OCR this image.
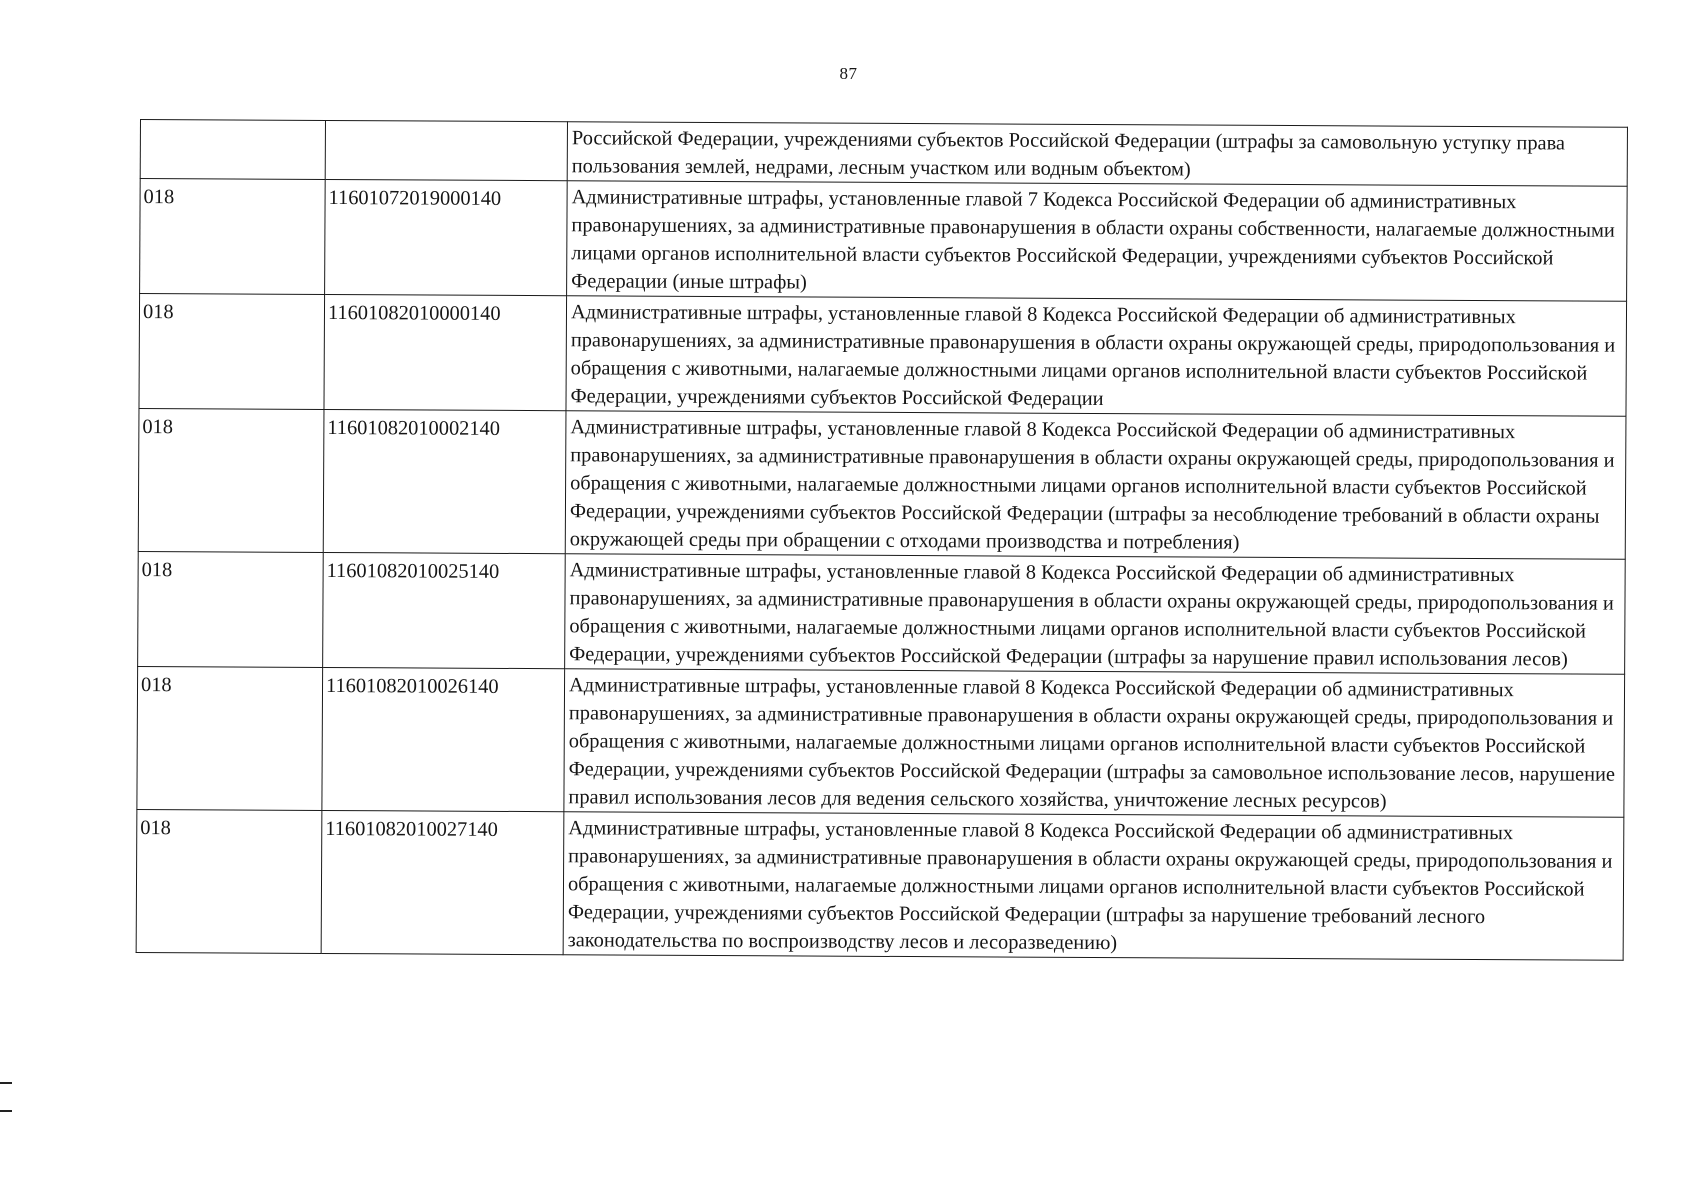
87
		Российской Федерации, учреждениями субъектов Российской Федерации (штрафы за самовольную уступку права пользования землей, недрами, лесным участком или водным объектом)
018	11601072019000140	Административные штрафы, установленные главой 7 Кодекса Российской Федерации об административных правонарушениях, за административные правонарушения в области охраны собственности, налагаемые должностными лицами органов исполнительной власти субъектов Российской Федерации, учреждениями субъектов Российской Федерации (иные штрафы)
018	11601082010000140	Административные штрафы, установленные главой 8 Кодекса Российской Федерации об административных правонарушениях, за административные правонарушения в области охраны окружающей среды, природопользования и обращения с животными, налагаемые должностными лицами органов исполнительной власти субъектов Российской Федерации, учреждениями субъектов Российской Федерации
018	11601082010002140	Административные штрафы, установленные главой 8 Кодекса Российской Федерации об административных правонарушениях, за административные правонарушения в области охраны окружающей среды, природопользования и обращения с животными, налагаемые должностными лицами органов исполнительной власти субъектов Российской Федерации, учреждениями субъектов Российской Федерации (штрафы за несоблюдение требований в области охраны окружающей среды при обращении с отходами производства и потребления)
018	11601082010025140	Административные штрафы, установленные главой 8 Кодекса Российской Федерации об административных правонарушениях, за административные правонарушения в области охраны окружающей среды, природопользования и обращения с животными, налагаемые должностными лицами органов исполнительной власти субъектов Российской Федерации, учреждениями субъектов Российской Федерации (штрафы за нарушение правил использования лесов)
018	11601082010026140	Административные штрафы, установленные главой 8 Кодекса Российской Федерации об административных правонарушениях, за административные правонарушения в области охраны окружающей среды, природопользования и обращения с животными, налагаемые должностными лицами органов исполнительной власти субъектов Российской Федерации, учреждениями субъектов Российской Федерации (штрафы за самовольное использование лесов, нарушение правил использования лесов для ведения сельского хозяйства, уничтожение лесных ресурсов)
018	11601082010027140	Административные штрафы, установленные главой 8 Кодекса Российской Федерации об административных правонарушениях, за административные правонарушения в области охраны окружающей среды, природопользования и обращения с животными, налагаемые должностными лицами органов исполнительной власти субъектов Российской Федерации, учреждениями субъектов Российской Федерации (штрафы за нарушение требований лесного законодательства по воспроизводству лесов и лесоразведению)
